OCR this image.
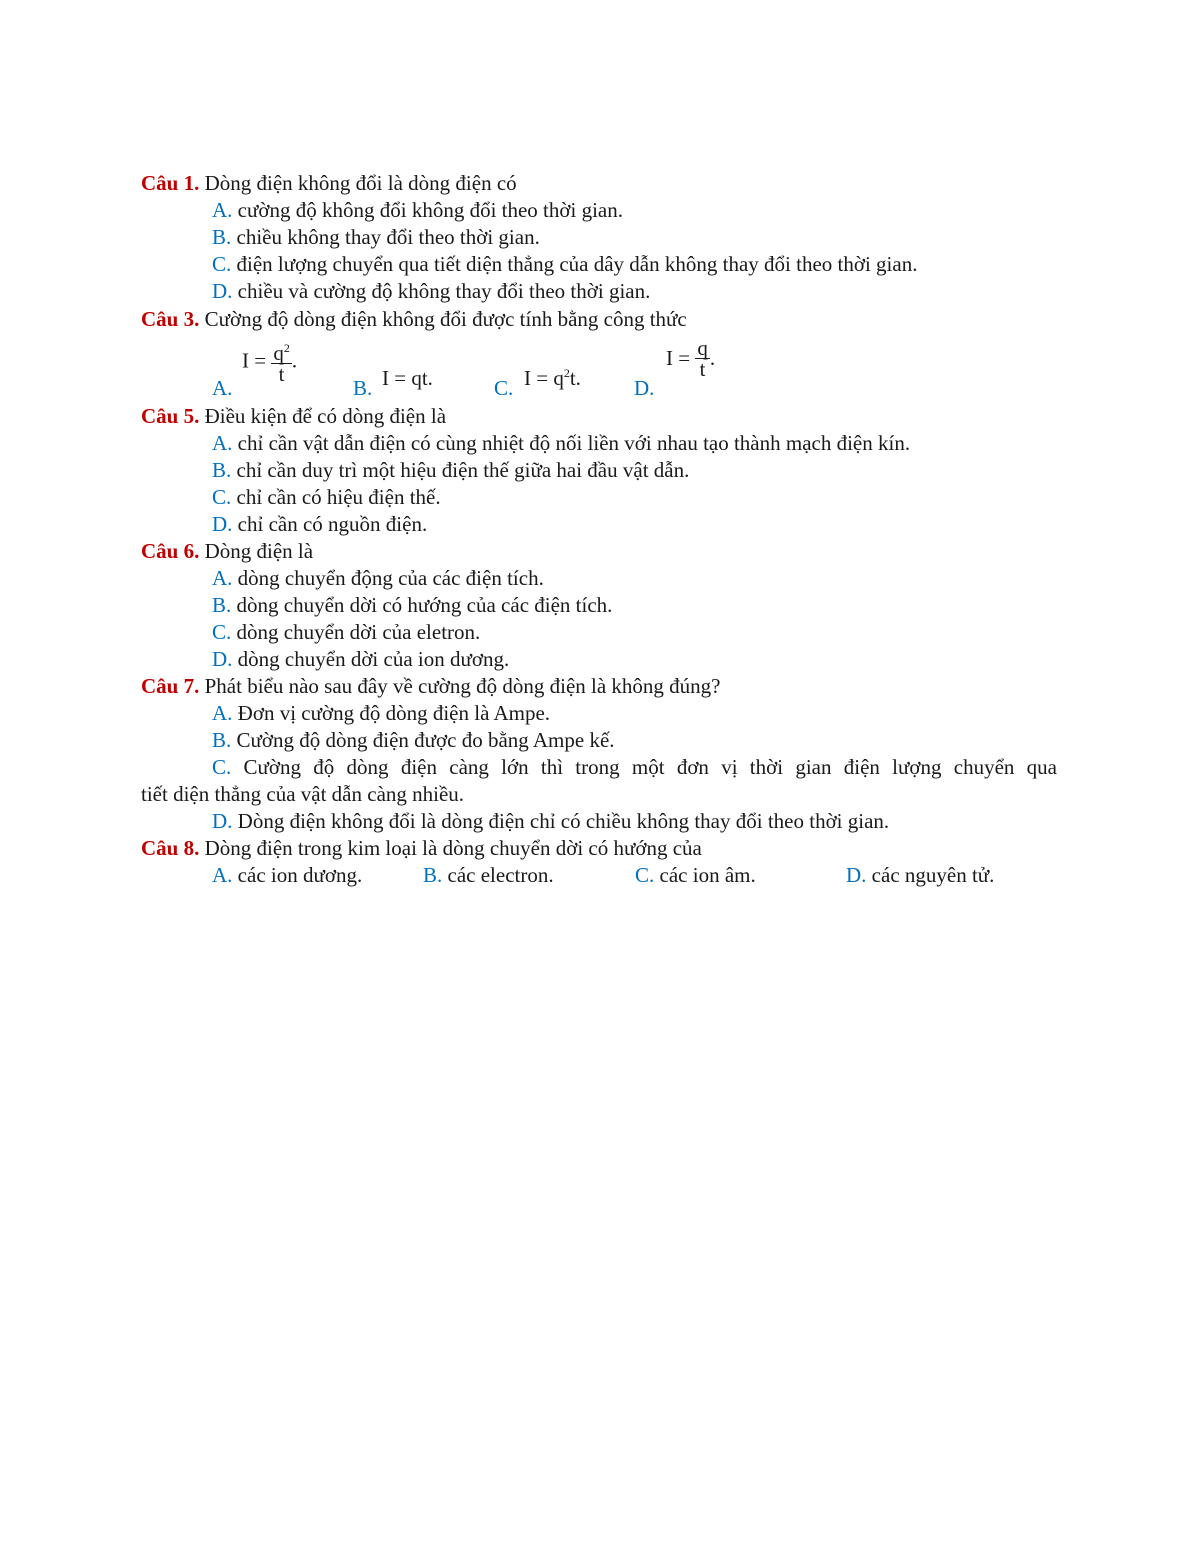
Câu 1. Dòng điện không đổi là dòng điện có
A. cường độ không đổi không đổi theo thời gian.
B. chiều không thay đổi theo thời gian.
C. điện lượng chuyển qua tiết diện thẳng của dây dẫn không thay đổi theo thời gian.
D. chiều và cường độ không thay đổi theo thời gian.
Câu 3. Cường độ dòng điện không đổi được tính bằng công thức
A.
$I = \frac{q^2}{t}$ .
B. I = qt.	C. $I = q^2t$.	D.
$I = \frac{q}{t}$ .
Câu 5. Điều kiện để có dòng điện là
A. chỉ cần vật dẫn điện có cùng nhiệt độ nối liền với nhau tạo thành mạch điện kín.
B. chỉ cần duy trì một hiệu điện thế giữa hai đầu vật dẫn.
C. chỉ cần có hiệu điện thế.
D. chỉ cần có nguồn điện.
Câu 6. Dòng điện là
A. dòng chuyển động của các điện tích.
B. dòng chuyển dời có hướng của các điện tích.
C. dòng chuyển dời của eletron.
D. dòng chuyển dời của ion dương.
Câu 7. Phát biểu nào sau đây về cường độ dòng điện là không đúng?
A. Đơn vị cường độ dòng điện là Ampe.
B. Cường độ dòng điện được đo bằng Ampe kế.
C. Cường độ dòng điện càng lớn thì trong một đơn vị thời gian điện lượng chuyển qua
tiết diện thẳng của vật dẫn càng nhiều.
D. Dòng điện không đổi là dòng điện chỉ có chiều không thay đổi theo thời gian.
Câu 8. Dòng điện trong kim loại là dòng chuyển dời có hướng của
A. các ion dương.	B. các electron.	C. các ion âm.	D. các nguyên tử.
